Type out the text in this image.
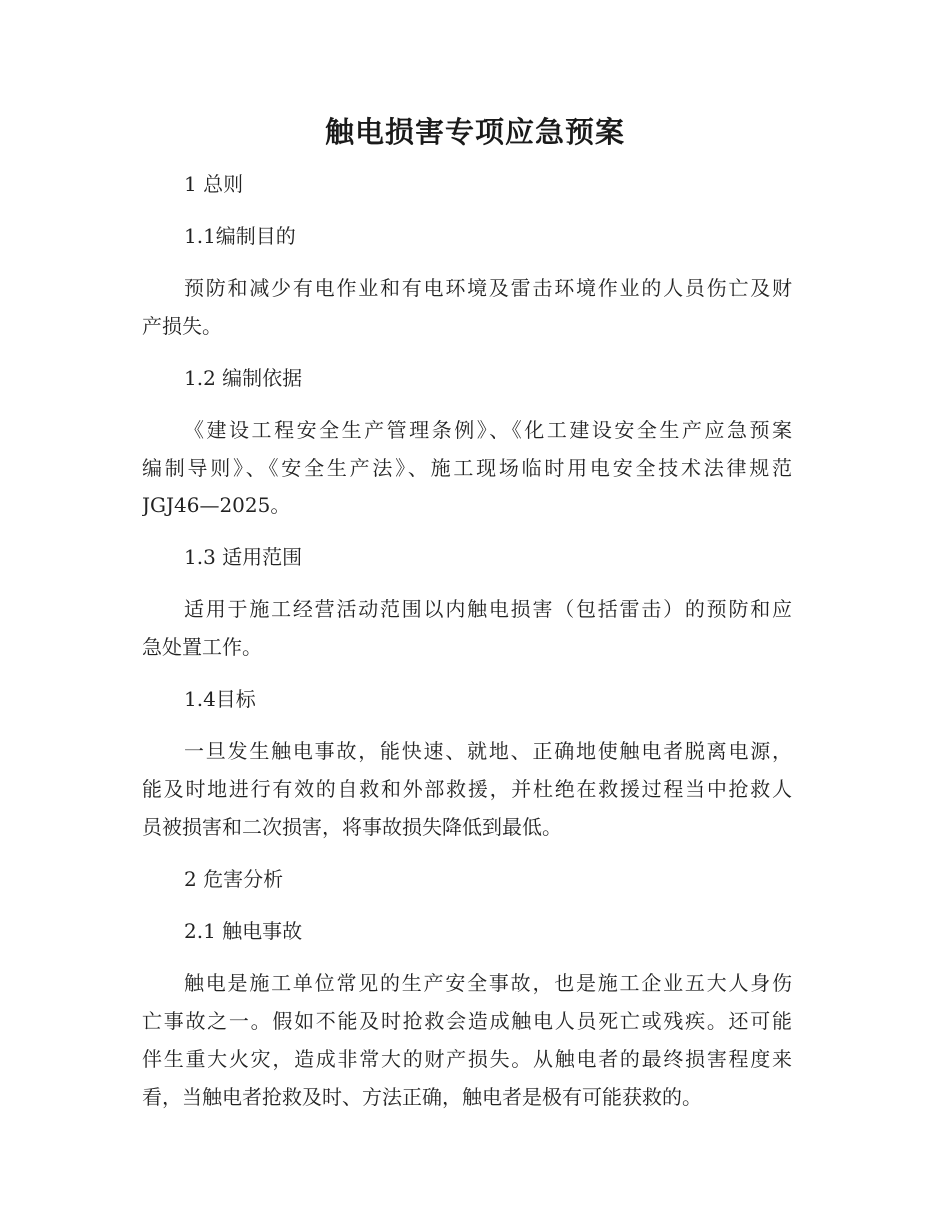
触电损害专项应急预案
1 总则
1.1编制目的
预防和减少有电作业和有电环境及雷击环境作业的人员伤亡及财
产损失。
1.2 编制依据
《建设工程安全生产管理条例》、《化工建设安全生产应急预案
编制导则》、《安全生产法》、施工现场临时用电安全技术法律规范
JGJ46—2025。
1.3 适用范围
适用于施工经营活动范围以内触电损害（包括雷击）的预防和应
急处置工作。
1.4目标
一旦发生触电事故，能快速、就地、正确地使触电者脱离电源，
能及时地进行有效的自救和外部救援，并杜绝在救援过程当中抢救人
员被损害和二次损害，将事故损失降低到最低。
2 危害分析
2.1 触电事故
触电是施工单位常见的生产安全事故，也是施工企业五大人身伤
亡事故之一。假如不能及时抢救会造成触电人员死亡或残疾。还可能
伴生重大火灾，造成非常大的财产损失。从触电者的最终损害程度来
看，当触电者抢救及时、方法正确，触电者是极有可能获救的。
